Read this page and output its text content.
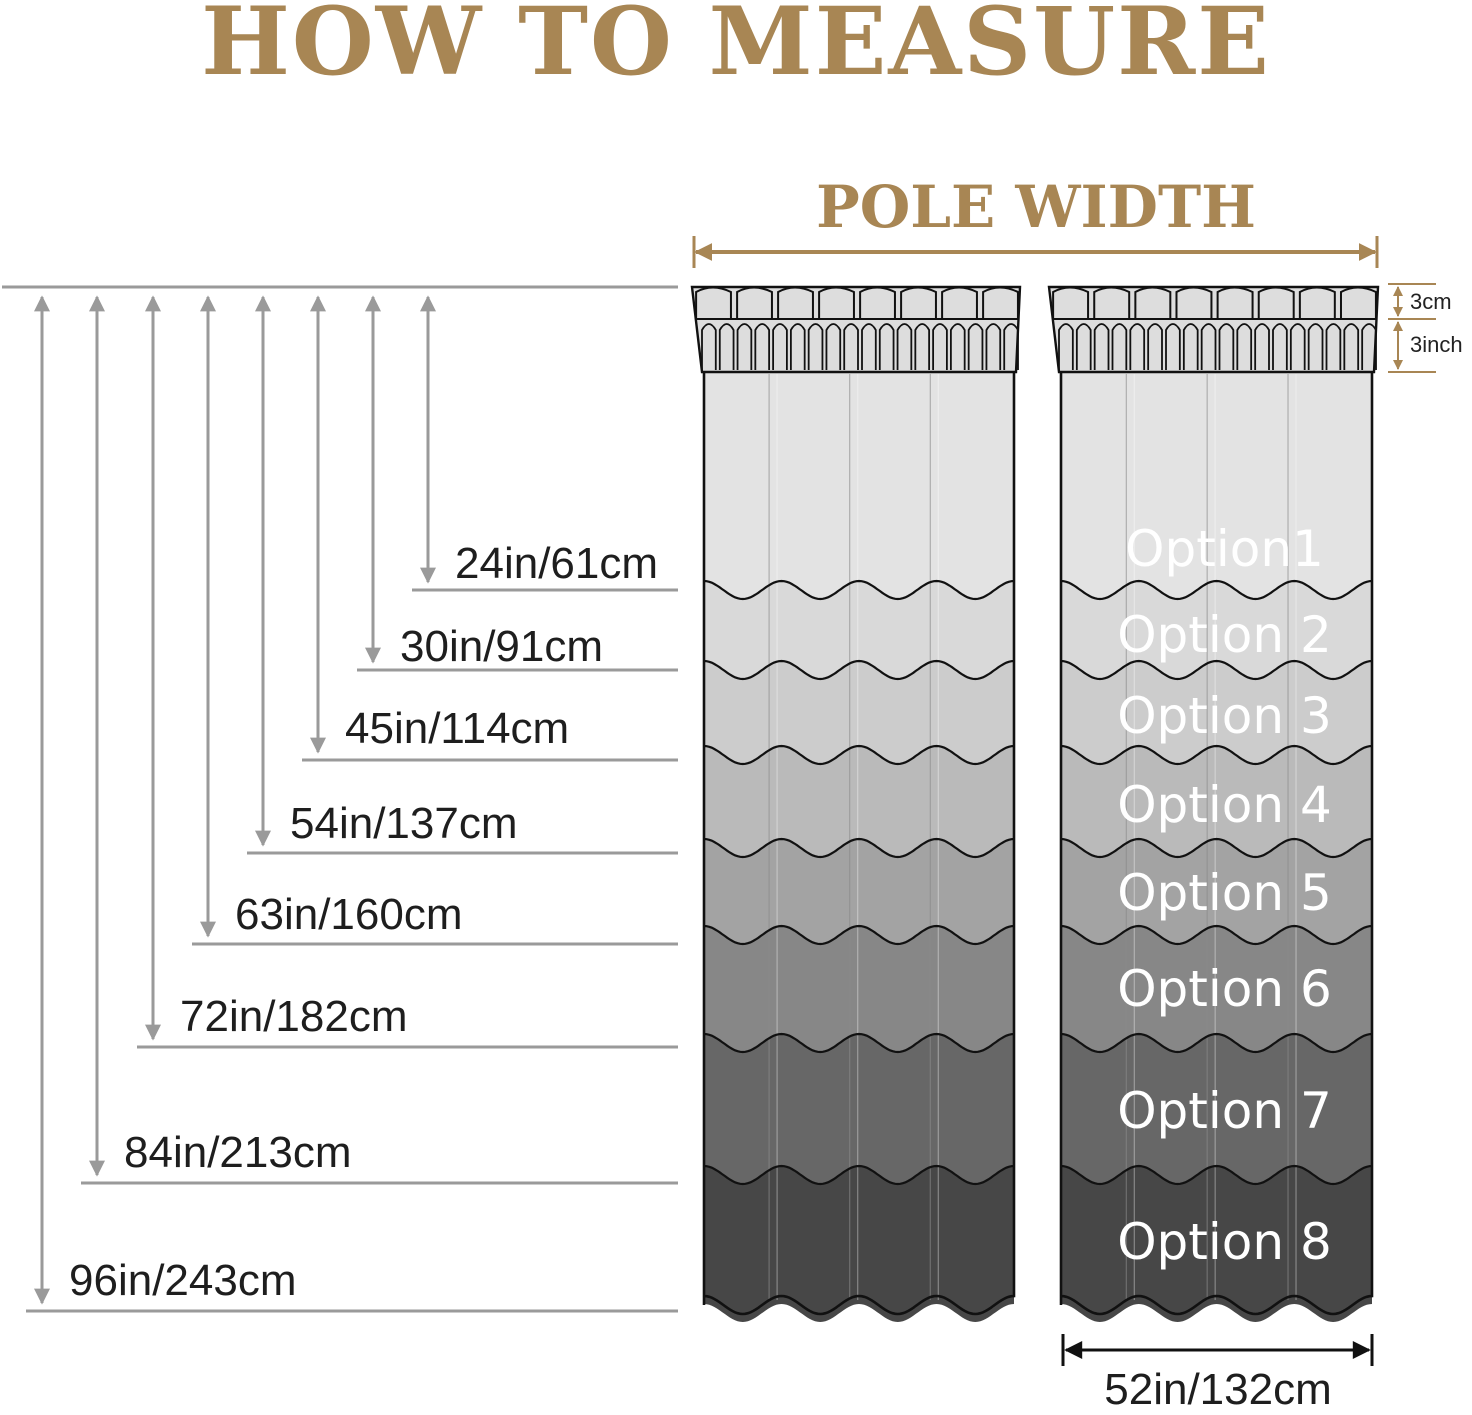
HOW TO MEASURE
24in/61cm
30in/91cm
45in/114cm
54in/137cm
63in/160cm
72in/182cm
84in/213cm
96in/243cm
POLE WIDTH
3cm
3inch
Option1
Option 2
Option 3
Option 4
Option 5
Option 6
Option 7
Option 8
52in/132cm
